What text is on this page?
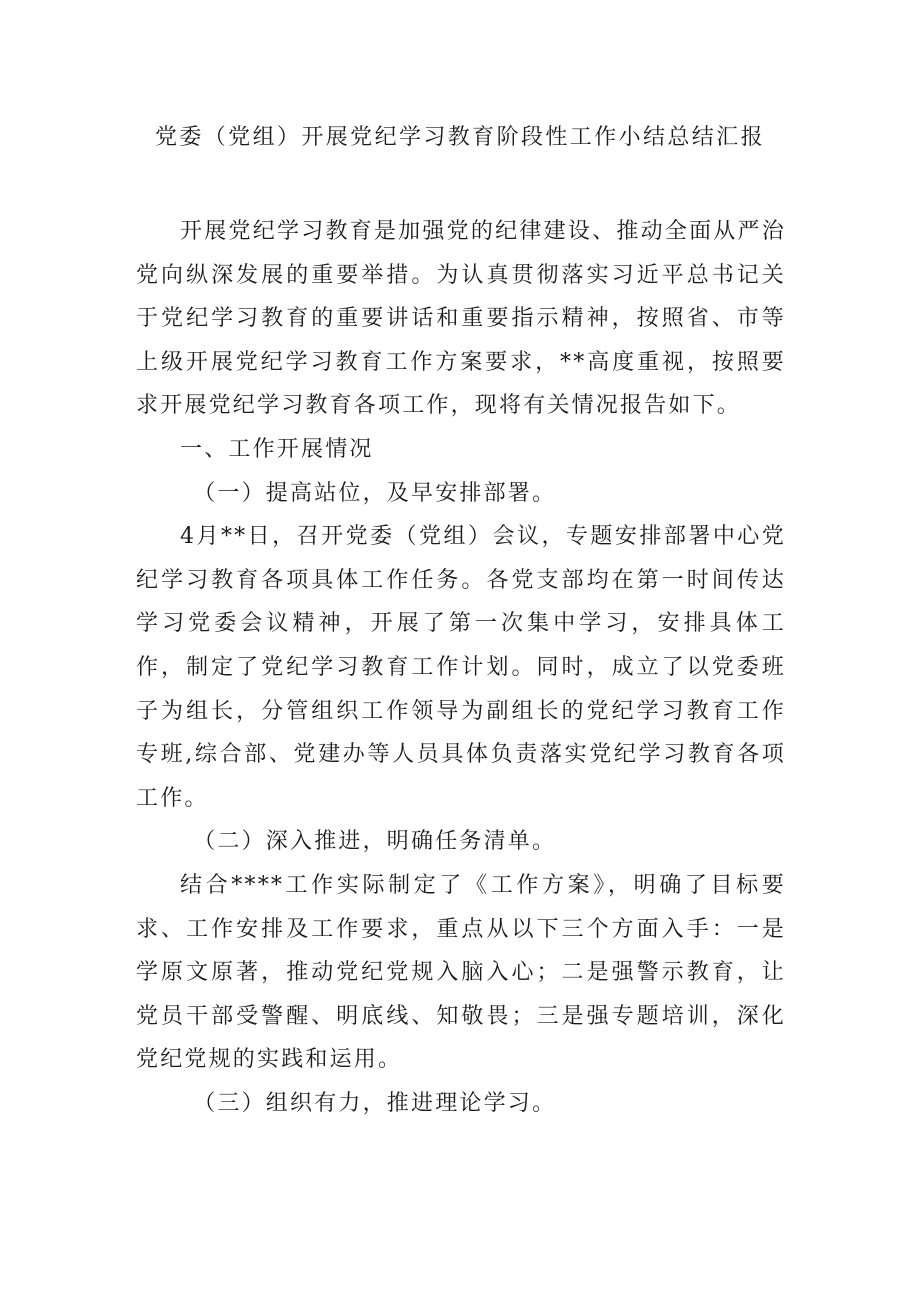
党委（党组）开展党纪学习教育阶段性工作小结总结汇报

开展党纪学习教育是加强党的纪律建设、推动全面从严治党向纵深发展的重要举措。为认真贯彻落实习近平总书记关于党纪学习教育的重要讲话和重要指示精神，按照省、市等上级开展党纪学习教育工作方案要求，**高度重视，按照要求开展党纪学习教育各项工作，现将有关情况报告如下。

一、工作开展情况

（一）提高站位，及早安排部署。

4月**日，召开党委（党组）会议，专题安排部署中心党纪学习教育各项具体工作任务。各党支部均在第一时间传达学习党委会议精神，开展了第一次集中学习，安排具体工作，制定了党纪学习教育工作计划。同时，成立了以党委班子为组长，分管组织工作领导为副组长的党纪学习教育工作专班,综合部、党建办等人员具体负责落实党纪学习教育各项工作。

（二）深入推进，明确任务清单。

结合****工作实际制定了《工作方案》，明确了目标要求、工作安排及工作要求，重点从以下三个方面入手：一是学原文原著，推动党纪党规入脑入心；二是强警示教育，让党员干部受警醒、明底线、知敬畏；三是强专题培训，深化党纪党规的实践和运用。

（三）组织有力，推进理论学习。
